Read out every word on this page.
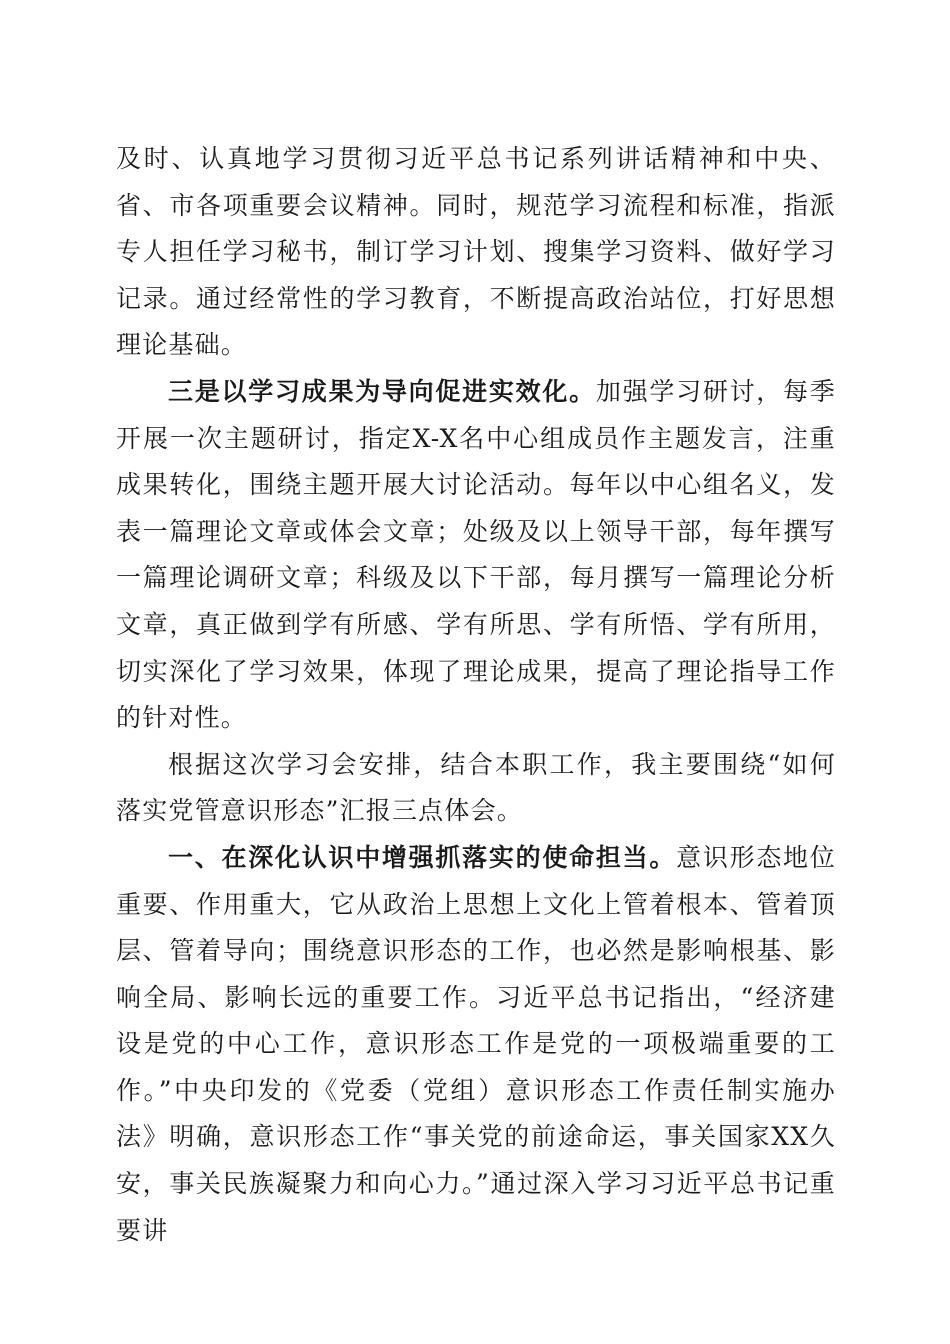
及时、认真地学习贯彻习近平总书记系列讲话精神和中央、省、市各项重要会议精神。同时，规范学习流程和标准，指派专人担任学习秘书，制订学习计划、搜集学习资料、做好学习记录。通过经常性的学习教育，不断提高政治站位，打好思想理论基础。

三是以学习成果为导向促进实效化。加强学习研讨，每季开展一次主题研讨，指定X-X名中心组成员作主题发言，注重成果转化，围绕主题开展大讨论活动。每年以中心组名义，发表一篇理论文章或体会文章；处级及以上领导干部，每年撰写一篇理论调研文章；科级及以下干部，每月撰写一篇理论分析文章，真正做到学有所感、学有所思、学有所悟、学有所用，切实深化了学习效果，体现了理论成果，提高了理论指导工作的针对性。

根据这次学习会安排，结合本职工作，我主要围绕“如何落实党管意识形态”汇报三点体会。

一、在深化认识中增强抓落实的使命担当。意识形态地位重要、作用重大，它从政治上思想上文化上管着根本、管着顶层、管着导向；围绕意识形态的工作，也必然是影响根基、影响全局、影响长远的重要工作。习近平总书记指出，“经济建设是党的中心工作，意识形态工作是党的一项极端重要的工作。”中央印发的《党委（党组）意识形态工作责任制实施办法》明确，意识形态工作“事关党的前途命运，事关国家XX久安，事关民族凝聚力和向心力。”通过深入学习习近平总书记重要讲
